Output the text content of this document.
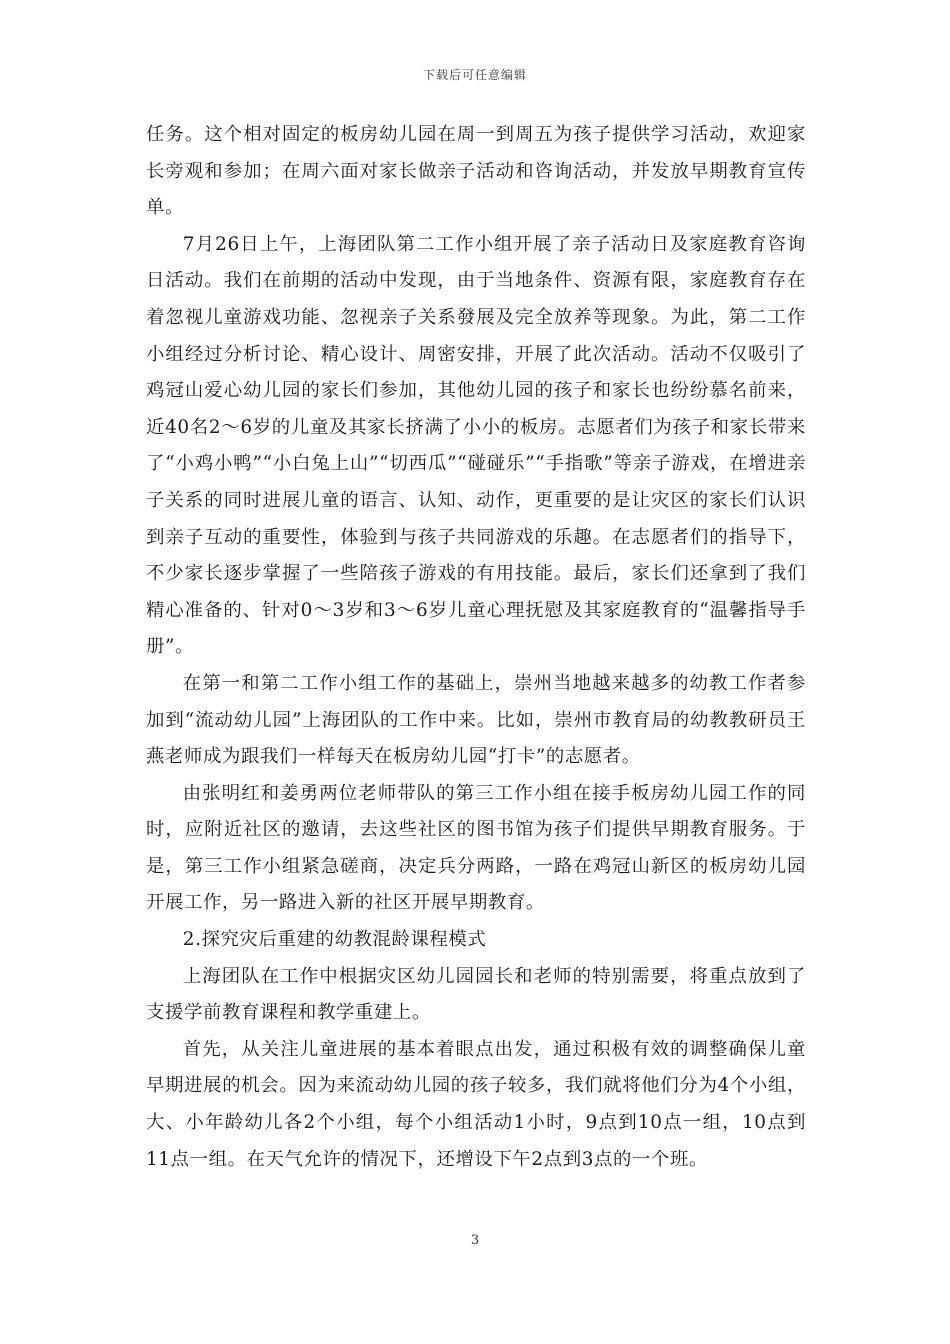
下载后可任意编辑

任务。这个相对固定的板房幼儿园在周一到周五为孩子提供学习活动，欢迎家长旁观和参加；在周六面对家长做亲子活动和咨询活动，并发放早期教育宣传单。

7月26日上午，上海团队第二工作小组开展了亲子活动日及家庭教育咨询日活动。我们在前期的活动中发现，由于当地条件、资源有限，家庭教育存在着忽视儿童游戏功能、忽视亲子关系發展及完全放养等现象。为此，第二工作小组经过分析讨论、精心设计、周密安排，开展了此次活动。活动不仅吸引了鸡冠山爱心幼儿园的家长们参加，其他幼儿园的孩子和家长也纷纷慕名前来，近40名2～6岁的儿童及其家长挤满了小小的板房。志愿者们为孩子和家长带来了“小鸡小鸭”“小白兔上山”“切西瓜”“碰碰乐”“手指歌”等亲子游戏，在增进亲子关系的同时进展儿童的语言、认知、动作，更重要的是让灾区的家长们认识到亲子互动的重要性，体验到与孩子共同游戏的乐趣。在志愿者们的指导下，不少家长逐步掌握了一些陪孩子游戏的有用技能。最后，家长们还拿到了我们精心准备的、针对0～3岁和3～6岁儿童心理抚慰及其家庭教育的“温馨指导手册”。

在第一和第二工作小组工作的基础上，崇州当地越来越多的幼教工作者参加到“流动幼儿园”上海团队的工作中来。比如，崇州市教育局的幼教教研员王燕老师成为跟我们一样每天在板房幼儿园“打卡”的志愿者。

由张明红和姜勇两位老师带队的第三工作小组在接手板房幼儿园工作的同时，应附近社区的邀请，去这些社区的图书馆为孩子们提供早期教育服务。于是，第三工作小组紧急磋商，决定兵分两路，一路在鸡冠山新区的板房幼儿园开展工作，另一路进入新的社区开展早期教育。

2.探究灾后重建的幼教混龄课程模式

上海团队在工作中根据灾区幼儿园园长和老师的特别需要，将重点放到了支援学前教育课程和教学重建上。

首先，从关注儿童进展的基本着眼点出发，通过积极有效的调整确保儿童早期进展的机会。因为来流动幼儿园的孩子较多，我们就将他们分为4个小组，大、小年龄幼儿各2个小组，每个小组活动1小时，9点到10点一组，10点到11点一组。在天气允许的情况下，还增设下午2点到3点的一个班。

3
